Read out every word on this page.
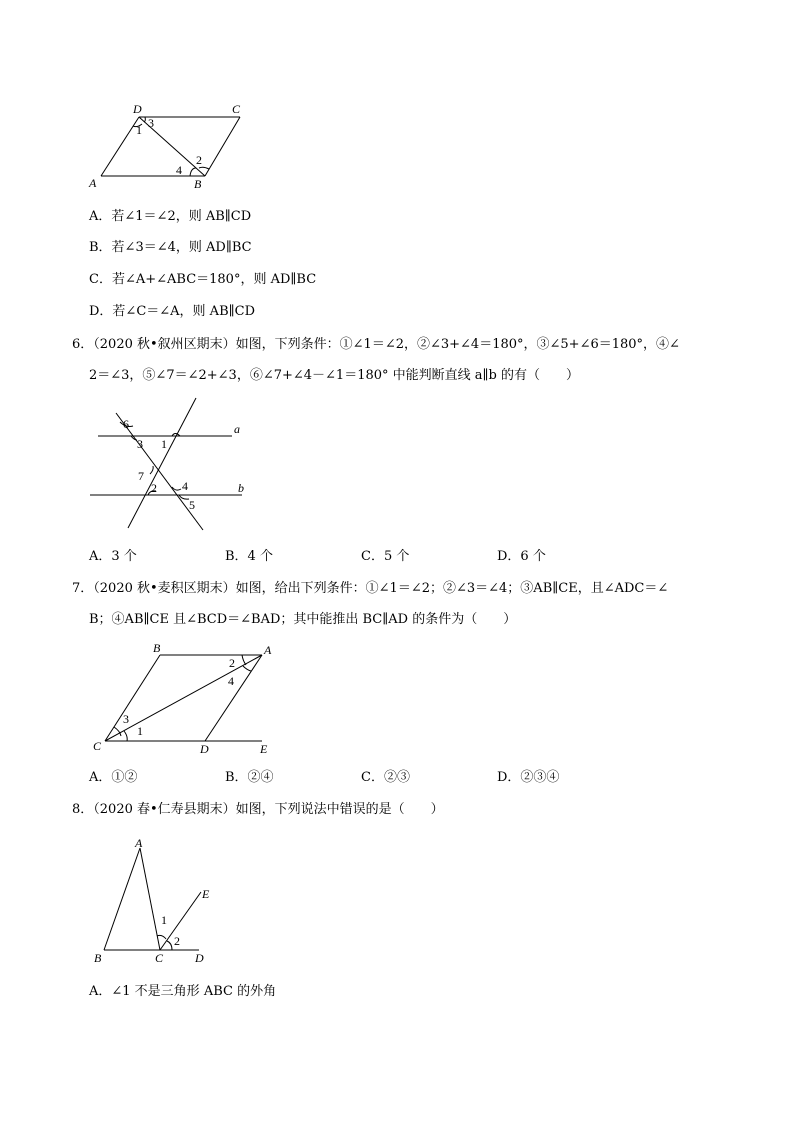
D	C
A	B
1 3
4
2
A．若∠1＝∠2，则 AB∥CD
B．若∠3＝∠4，则 AD∥BC
C．若∠A+∠ABC＝180°，则 AD∥BC
D．若∠C＝∠A，则 AB∥CD
6．（2020 秋•叙州区期末）如图，下列条件：①∠1＝∠2，②∠3+∠4＝180°，③∠5+∠6＝180°，④∠
2＝∠3，⑤∠7＝∠2+∠3，⑥∠7+∠4－∠1＝180° 中能判断直线 a∥b 的有（　　）
6
3 1
a
7
2 4	b
5
A．3 个	B．4 个	C．5 个	D．6 个
7．（2020 秋•麦积区期末）如图，给出下列条件：①∠1＝∠2；②∠3＝∠4；③AB∥CE，且∠ADC＝∠
B；④AB∥CE 且∠BCD＝∠BAD；其中能推出 BC∥AD 的条件为（　　）
B	A
C	D	E
2
4
3
1
A．①②	B．②④	C．②③	D．②③④
8．（2020 春•仁寿县期末）如图，下列说法中错误的是（　　）
A
E
1
2
B	C	D
A．∠1 不是三角形 ABC 的外角
